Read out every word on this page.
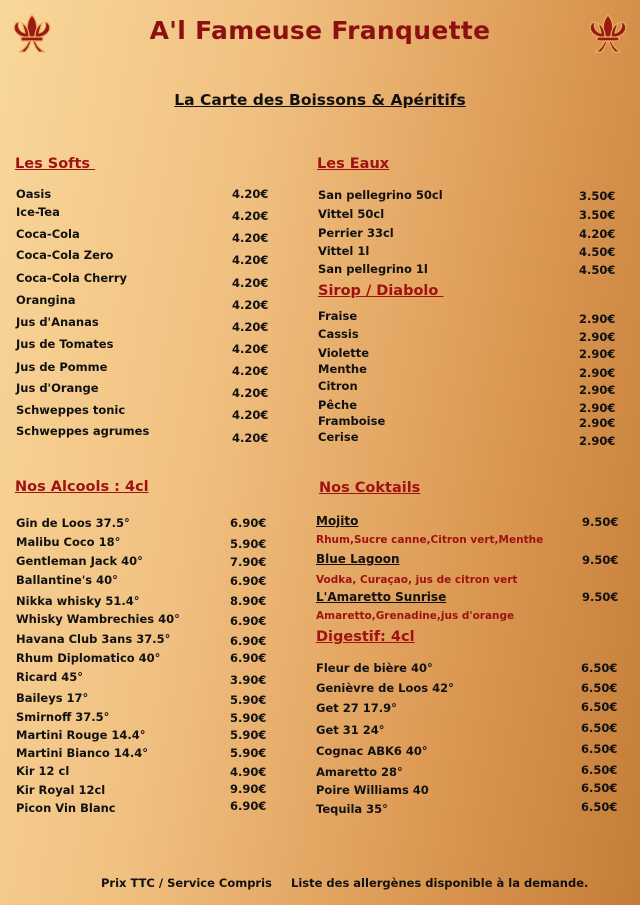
A'l Fameuse Franquette
La Carte des Boissons & Apéritifs
Les Softs
Oasis	4.20€
Ice-Tea	4.20€
Coca-Cola	4.20€
Coca-Cola Zero	4.20€
Coca-Cola Cherry	4.20€
Orangina	4.20€
Jus d'Ananas	4.20€
Jus de Tomates	4.20€
Jus de Pomme	4.20€
Jus d'Orange	4.20€
Schweppes tonic	4.20€
Schweppes agrumes	4.20€
Les Eaux
San pellegrino 50cl	3.50€
Vittel 50cl	3.50€
Perrier 33cl	4.20€
Vittel 1l	4.50€
San pellegrino 1l	4.50€
Sirop / Diabolo
Fraise	2.90€
Cassis	2.90€
Violette	2.90€
Menthe	2.90€
Citron	2.90€
Pêche	2.90€
Framboise	2.90€
Cerise	2.90€
Nos Alcools : 4cl
Gin de Loos 37.5°	6.90€
Malibu Coco 18°	5.90€
Gentleman Jack 40°	7.90€
Ballantine's 40°	6.90€
Nikka whisky 51.4°	8.90€
Whisky Wambrechies 40°	6.90€
Havana Club 3ans 37.5°	6.90€
Rhum Diplomatico 40°	6.90€
Ricard 45°	3.90€
Baileys 17°	5.90€
Smirnoff 37.5°	5.90€
Martini Rouge 14.4°	5.90€
Martini Bianco 14.4°	5.90€
Kir 12 cl	4.90€
Kir Royal 12cl	9.90€
Picon Vin Blanc	6.90€
Nos Coktails
Mojito	9.50€
Rhum,Sucre canne,Citron vert,Menthe
Blue Lagoon	9.50€
Vodka, Curaçao, jus de citron vert
L'Amaretto Sunrise	9.50€
Amaretto,Grenadine,jus d'orange
Digestif: 4cl
Fleur de bière 40°	6.50€
Genièvre de Loos 42°	6.50€
Get 27 17.9°	6.50€
Get 31 24°	6.50€
Cognac ABK6 40°	6.50€
Amaretto 28°	6.50€
Poire Williams 40	6.50€
Tequila 35°	6.50€
Prix TTC / Service Compris Liste des allergènes disponible à la demande.
